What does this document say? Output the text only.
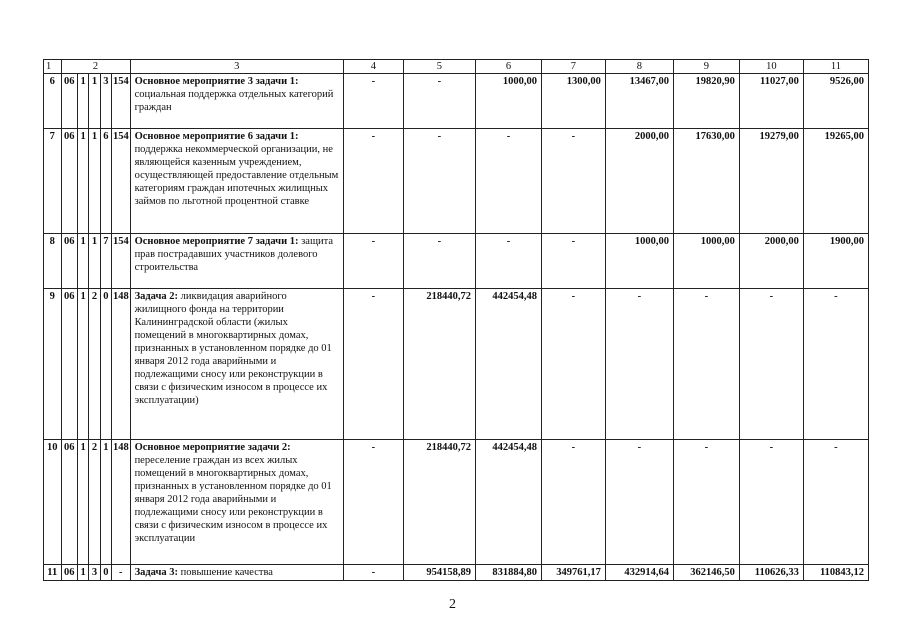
1	2					3	4	5	6	7	8	9	10	11
6	06	1	1	3	154	Основное мероприятие 3 задачи 1: социальная поддержка отдельных категорий граждан	-	-	1000,00	1300,00	13467,00	19820,90	11027,00	9526,00
7	06	1	1	6	154	Основное мероприятие 6 задачи 1: поддержка некоммерческой организации, не являющейся казенным учреждением, осуществляющей предоставление отдельным категориям граждан ипотечных жилищных займов по льготной процентной ставке	-	-	-	-	2000,00	17630,00	19279,00	19265,00
8	06	1	1	7	154	Основное мероприятие 7 задачи 1: защита прав пострадавших участников долевого строительства	-	-	-	-	1000,00	1000,00	2000,00	1900,00
9	06	1	2	0	148	Задача 2: ликвидация аварийного жилищного фонда на территории Калининградской области (жилых помещений в многоквартирных домах, признанных в установленном порядке до 01 января 2012 года аварийными и подлежащими сносу или реконструкции в связи с физическим износом в процессе их эксплуатации)	-	218440,72	442454,48	-	-	-	-	-
10	06	1	2	1	148	Основное мероприятие задачи 2: переселение граждан из всех жилых помещений в многоквартирных домах, признанных в установленном порядке до 01 января 2012 года аварийными и подлежащими сносу или реконструкции в связи с физическим износом в процессе их эксплуатации	-	218440,72	442454,48	-	-	-	-	-
11	06	1	3	0	-	Задача 3: повышение качества	-	954158,89	831884,80	349761,17	432914,64	362146,50	110626,33	110843,12
2
